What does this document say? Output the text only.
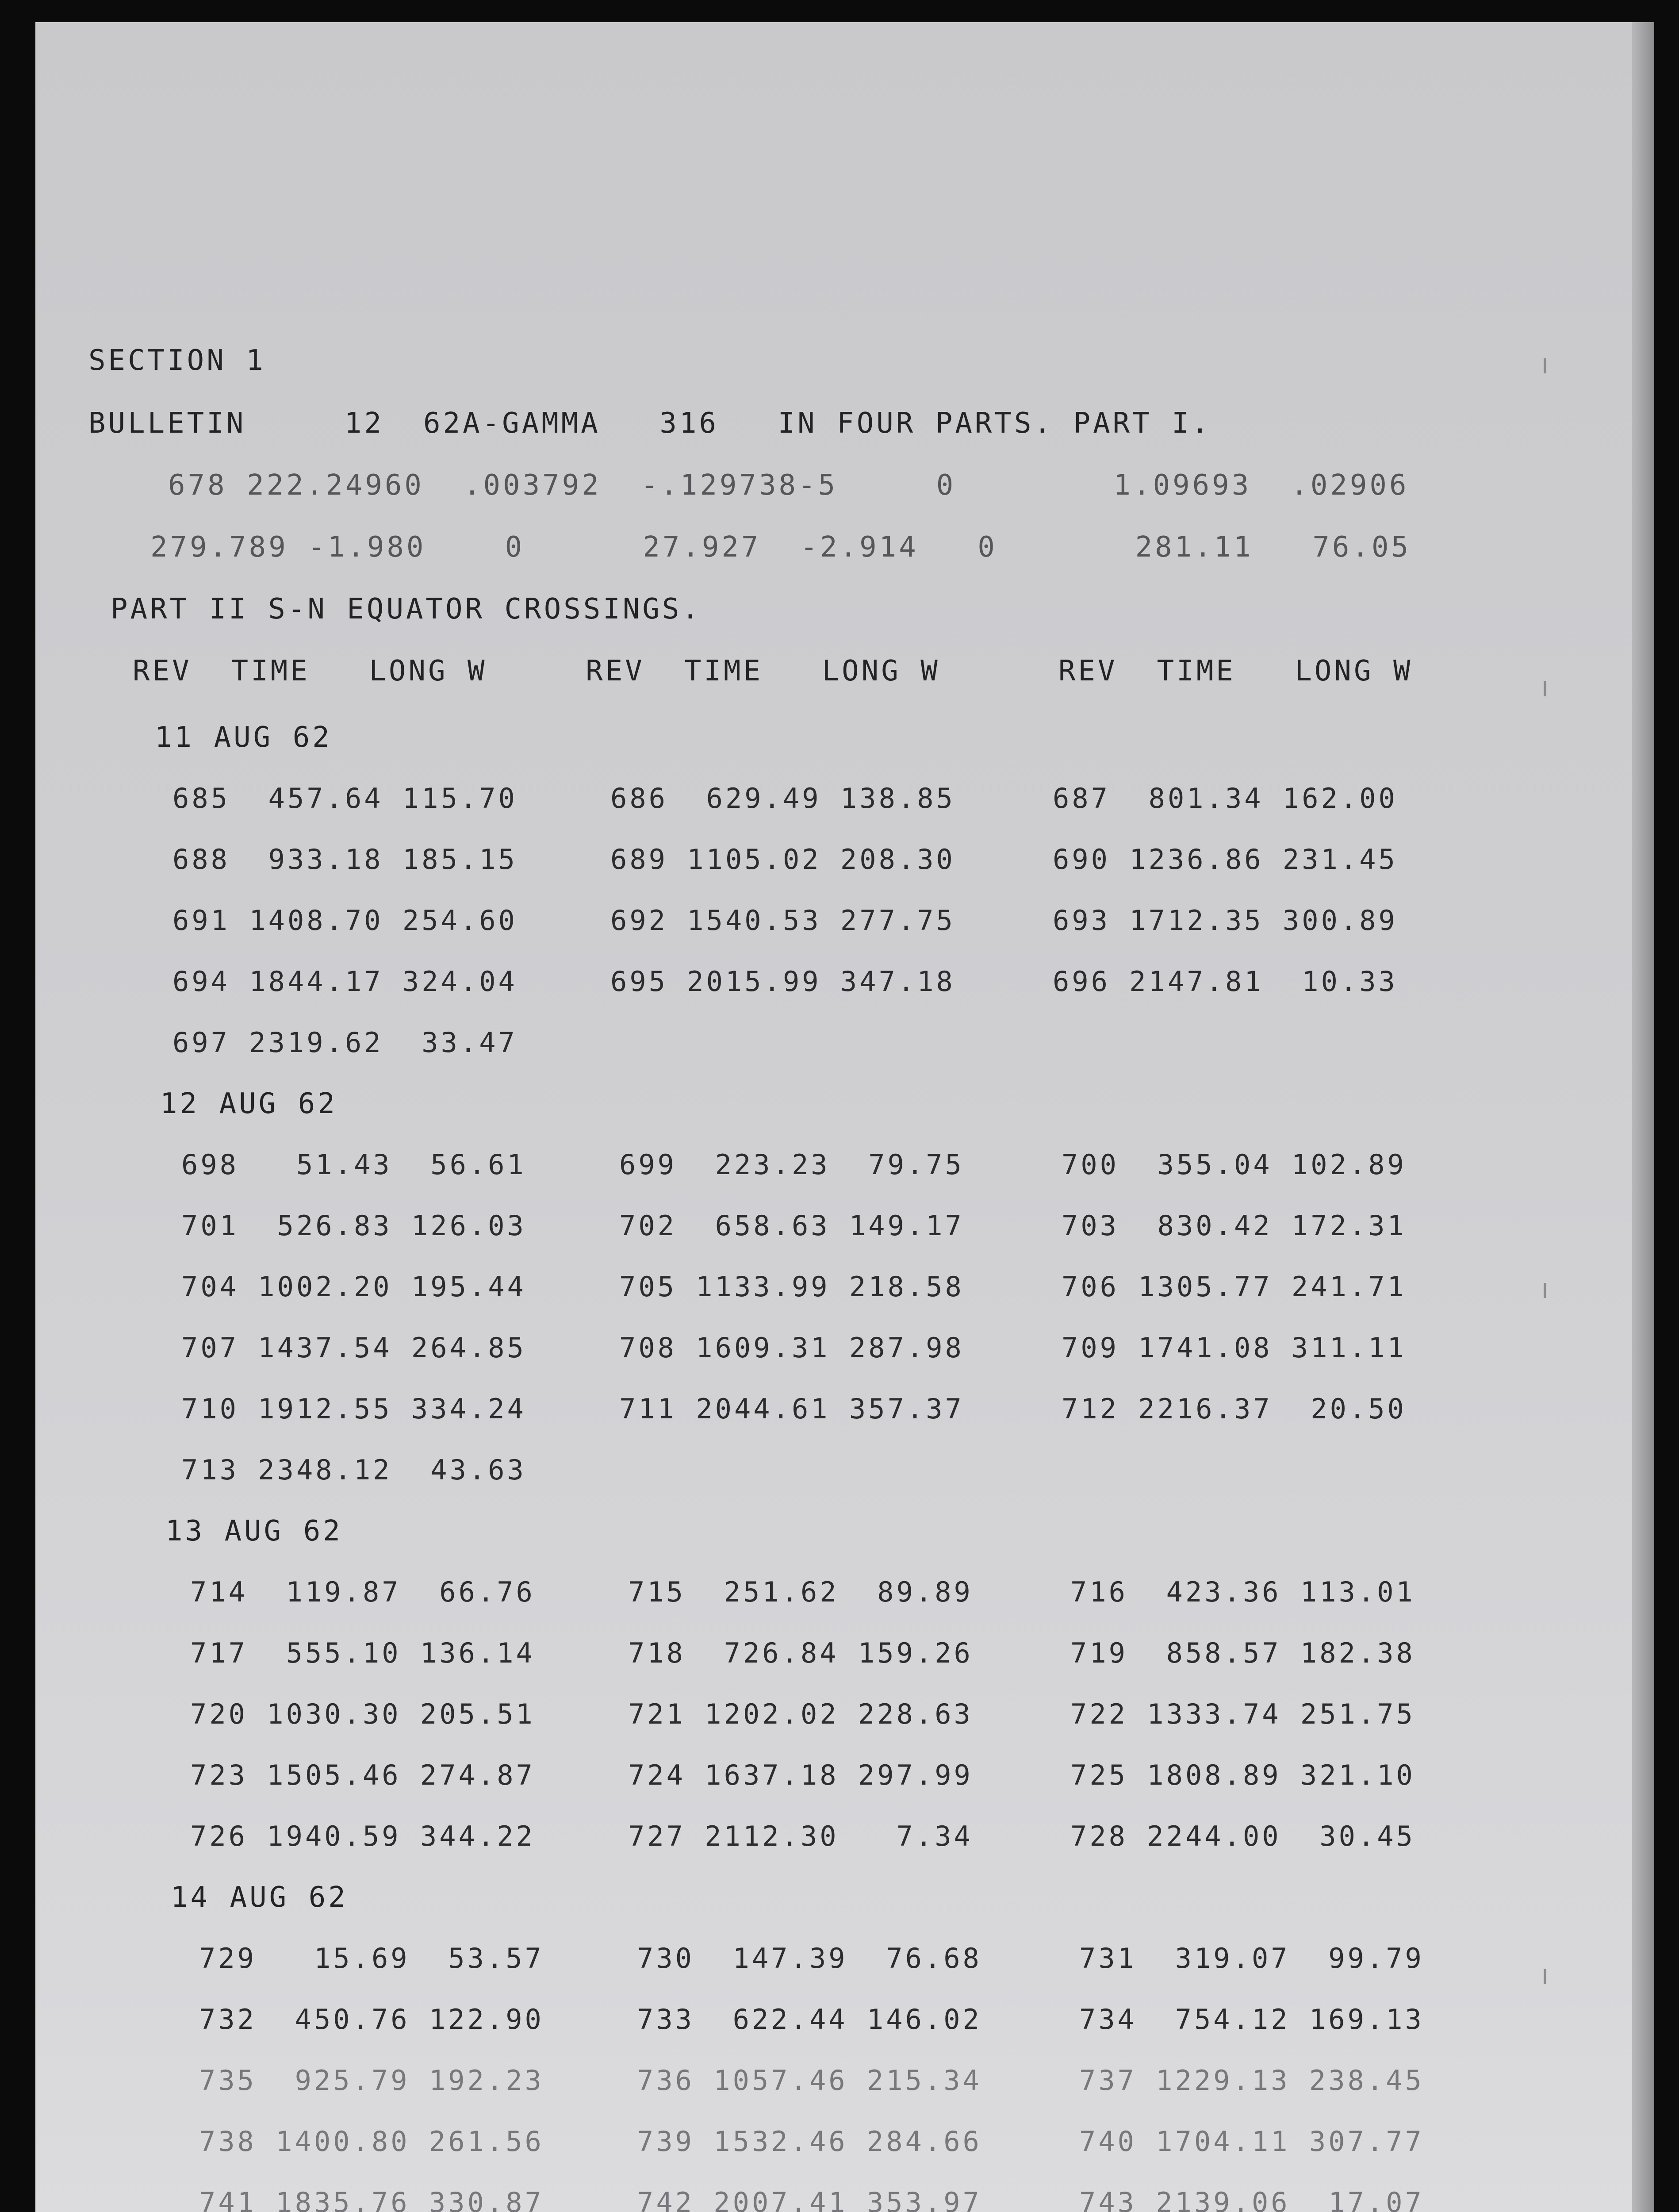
SECTION 1
BULLETIN     12  62A-GAMMA   316   IN FOUR PARTS. PART I.
678 222.24960  .003792  -.129738-5     0        1.09693  .02906
279.789 -1.980    0      27.927  -2.914   0       281.11   76.05
PART II S-N EQUATOR CROSSINGS.
REV  TIME   LONG W     REV  TIME   LONG W      REV  TIME   LONG W
11 AUG 62
685  457.64 115.70	686  629.49 138.85	687  801.34 162.00
688  933.18 185.15	689 1105.02 208.30	690 1236.86 231.45
691 1408.70 254.60	692 1540.53 277.75	693 1712.35 300.89
694 1844.17 324.04	695 2015.99 347.18	696 2147.81  10.33
697 2319.62  33.47
12 AUG 62
698   51.43  56.61	699  223.23  79.75	700  355.04 102.89
701  526.83 126.03	702  658.63 149.17	703  830.42 172.31
704 1002.20 195.44	705 1133.99 218.58	706 1305.77 241.71
707 1437.54 264.85	708 1609.31 287.98	709 1741.08 311.11
710 1912.55 334.24	711 2044.61 357.37	712 2216.37  20.50
713 2348.12  43.63
13 AUG 62
714  119.87  66.76	715  251.62  89.89	716  423.36 113.01
717  555.10 136.14	718  726.84 159.26	719  858.57 182.38
720 1030.30 205.51	721 1202.02 228.63	722 1333.74 251.75
723 1505.46 274.87	724 1637.18 297.99	725 1808.89 321.10
726 1940.59 344.22	727 2112.30   7.34	728 2244.00  30.45
14 AUG 62
729   15.69  53.57	730  147.39  76.68	731  319.07  99.79
732  450.76 122.90	733  622.44 146.02	734  754.12 169.13
735  925.79 192.23	736 1057.46 215.34	737 1229.13 238.45
738 1400.80 261.56	739 1532.46 284.66	740 1704.11 307.77
741 1835.76 330.87	742 2007.41 353.97	743 2139.06  17.07
